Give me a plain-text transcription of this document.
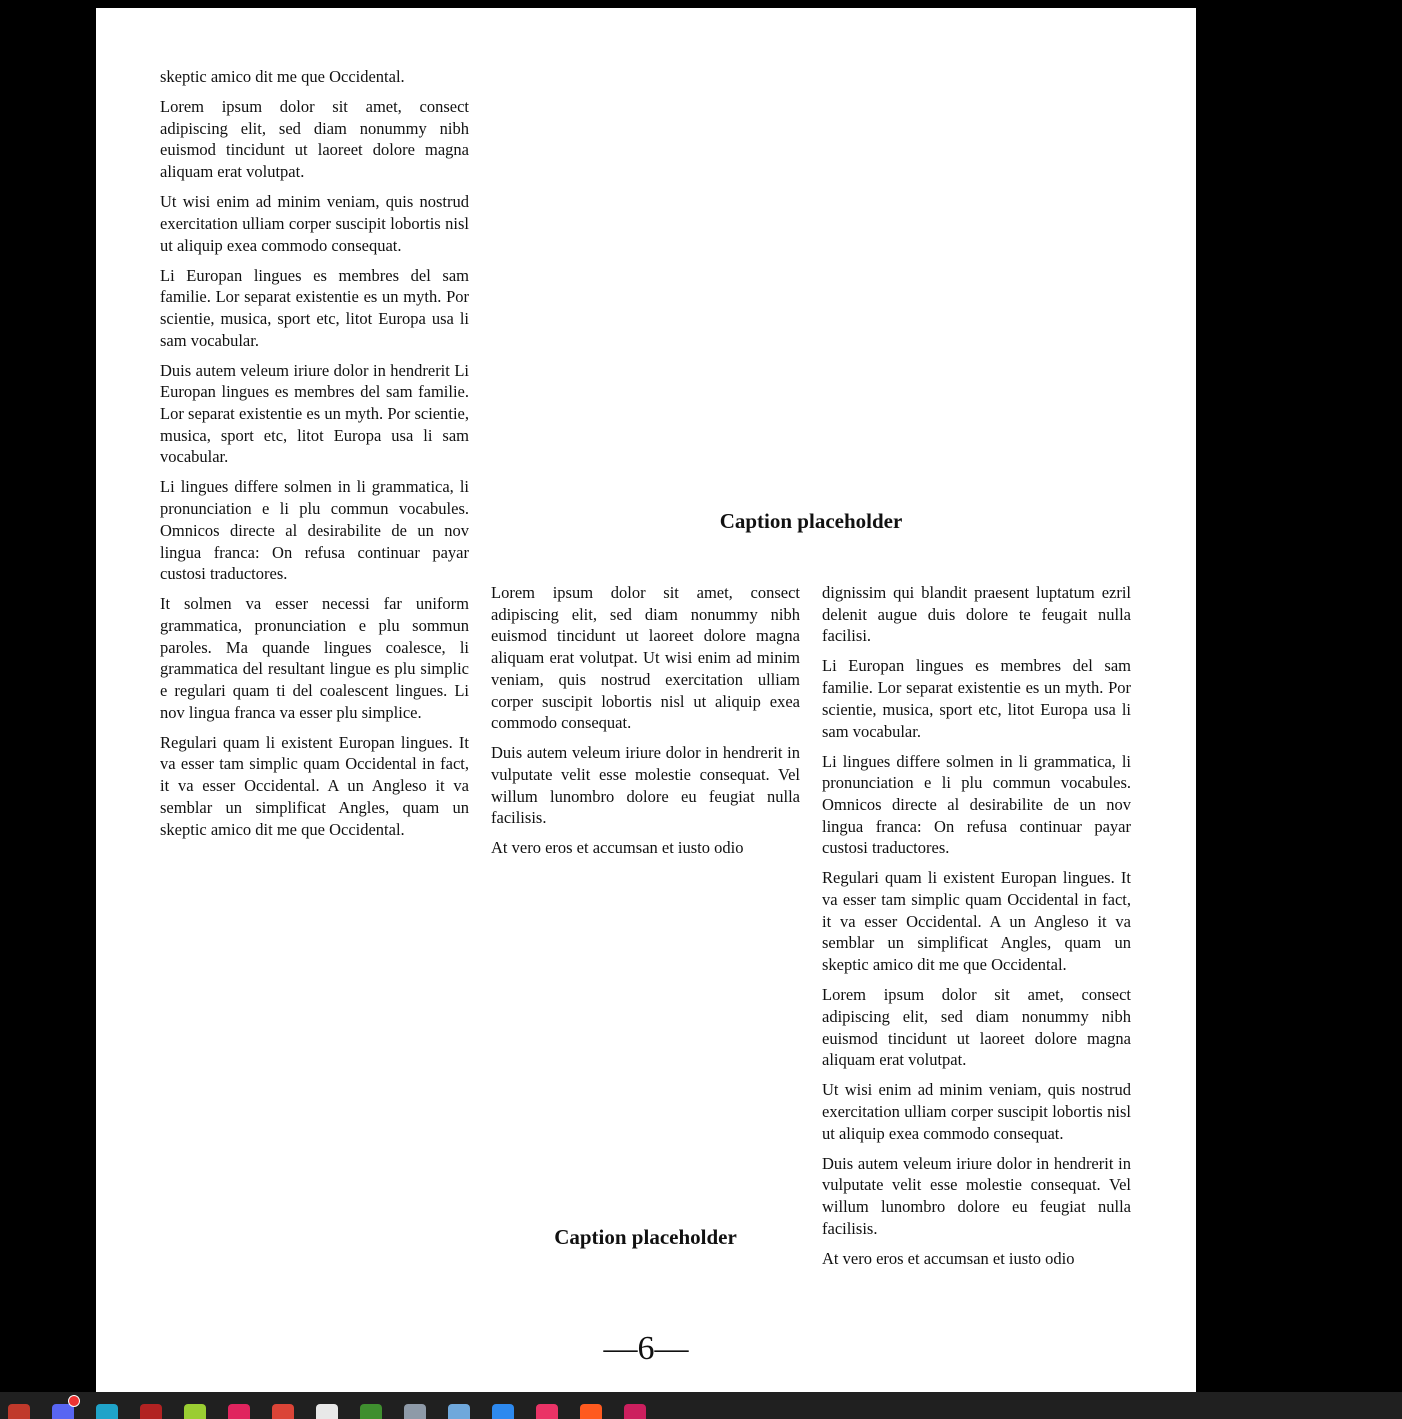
skeptic amico dit me que Occidental.

Lorem ipsum dolor sit amet, consect adipiscing elit, sed diam nonummy nibh euismod tincidunt ut laoreet dolore magna aliquam erat volutpat.

Ut wisi enim ad minim veniam, quis nostrud exercitation ulliam corper suscipit lobortis nisl ut aliquip exea commodo consequat.

Li Europan lingues es membres del sam familie. Lor separat existentie es un myth. Por scientie, musica, sport etc, litot Europa usa li sam vocabular.

Duis autem veleum iriure dolor in hendrerit Li Europan lingues es membres del sam familie. Lor separat existentie es un myth. Por scientie, musica, sport etc, litot Europa usa li sam vocabular.

Li lingues differe solmen in li grammatica, li pronunciation e li plu commun vocabules. Omnicos directe al desirabilite de un nov lingua franca: On refusa continuar payar custosi traductores.

It solmen va esser necessi far uniform grammatica, pronunciation e plu sommun paroles. Ma quande lingues coalesce, li grammatica del resultant lingue es plu simplic e regulari quam ti del coalescent lingues. Li nov lingua franca va esser plu simplice.

Regulari quam li existent Europan lingues. It va esser tam simplic quam Occidental in fact, it va esser Occidental. A un Angleso it va semblar un simplificat Angles, quam un skeptic amico dit me que Occidental.

Caption placeholder

Lorem ipsum dolor sit amet, consect adipiscing elit, sed diam nonummy nibh euismod tincidunt ut laoreet dolore magna aliquam erat volutpat. Ut wisi enim ad minim veniam, quis nostrud exercitation ulliam corper suscipit lobortis nisl ut aliquip exea commodo consequat.

Duis autem veleum iriure dolor in hendrerit in vulputate velit esse molestie consequat. Vel willum lunombro dolore eu feugiat nulla facilisis.

At vero eros et accumsan et iusto odio

dignissim qui blandit praesent luptatum ezril delenit augue duis dolore te feugait nulla facilisi.

Li Europan lingues es membres del sam familie. Lor separat existentie es un myth. Por scientie, musica, sport etc, litot Europa usa li sam vocabular.

Li lingues differe solmen in li grammatica, li pronunciation e li plu commun vocabules. Omnicos directe al desirabilite de un nov lingua franca: On refusa continuar payar custosi traductores.

Regulari quam li existent Europan lingues. It va esser tam simplic quam Occidental in fact, it va esser Occidental. A un Angleso it va semblar un simplificat Angles, quam un skeptic amico dit me que Occidental.

Lorem ipsum dolor sit amet, consect adipiscing elit, sed diam nonummy nibh euismod tincidunt ut laoreet dolore magna aliquam erat volutpat.

Ut wisi enim ad minim veniam, quis nostrud exercitation ulliam corper suscipit lobortis nisl ut aliquip exea commodo consequat.

Duis autem veleum iriure dolor in hendrerit in vulputate velit esse molestie consequat. Vel willum lunombro dolore eu feugiat nulla facilisis.

At vero eros et accumsan et iusto odio

Caption placeholder
—6—
